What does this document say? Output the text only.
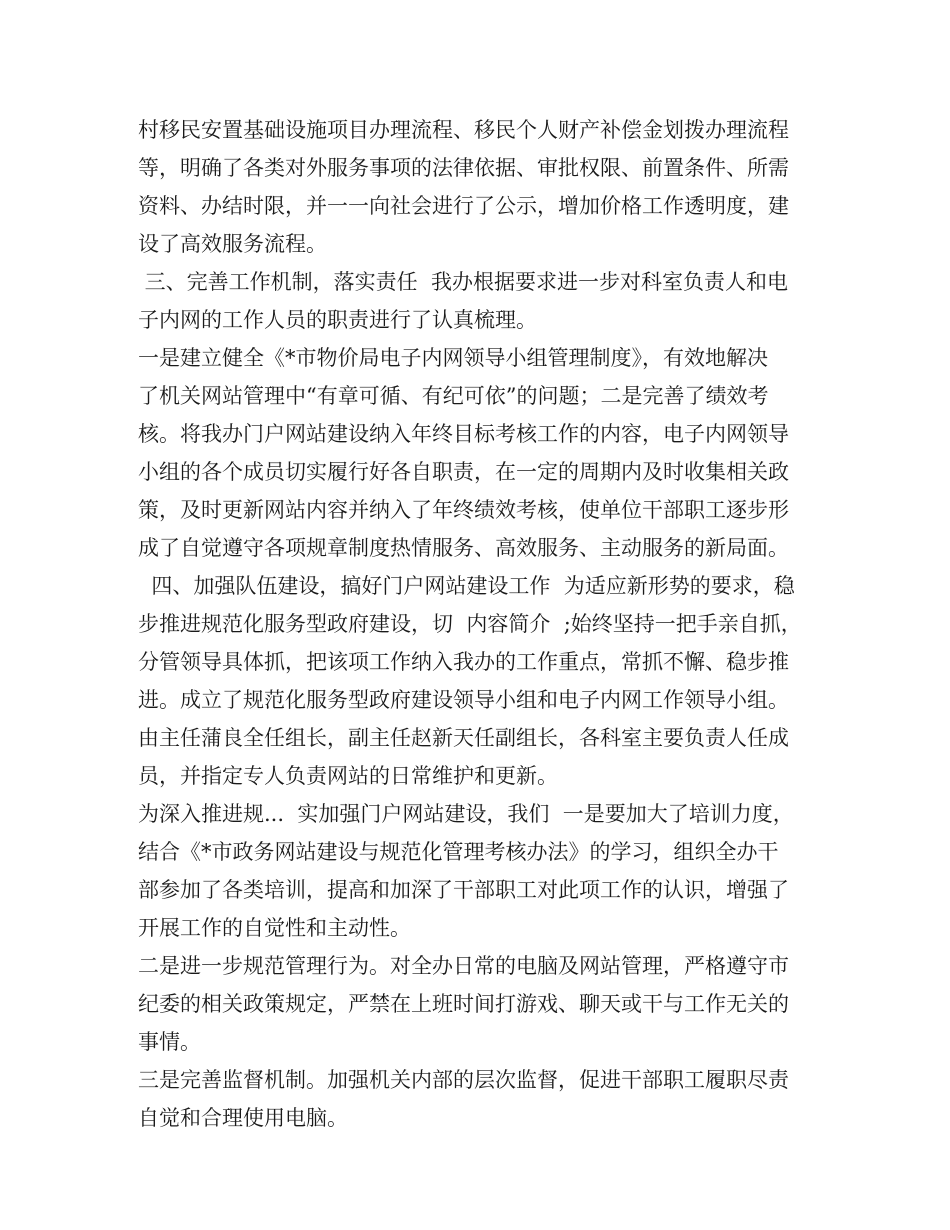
村移民安置基础设施项目办理流程、移民个人财产补偿金划拨办理流程
等，明确了各类对外服务事项的法律依据、审批权限、前置条件、所需
资料、办结时限，并一一向社会进行了公示，增加价格工作透明度，建
设了高效服务流程。
三、完善工作机制，落实责任  我办根据要求进一步对科室负责人和电
子内网的工作人员的职责进行了认真梳理。
一是建立健全《*市物价局电子内网领导小组管理制度》，有效地解决
了机关网站管理中“有章可循、有纪可依”的问题；二是完善了绩效考
核。将我办门户网站建设纳入年终目标考核工作的内容，电子内网领导
小组的各个成员切实履行好各自职责，在一定的周期内及时收集相关政
策，及时更新网站内容并纳入了年终绩效考核，使单位干部职工逐步形
成了自觉遵守各项规章制度热情服务、高效服务、主动服务的新局面。
四、加强队伍建设，搞好门户网站建设工作  为适应新形势的要求，稳
步推进规范化服务型政府建设，切  内容简介  ;始终坚持一把手亲自抓，
分管领导具体抓，把该项工作纳入我办的工作重点，常抓不懈、稳步推
进。成立了规范化服务型政府建设领导小组和电子内网工作领导小组。
由主任蒲良全任组长，副主任赵新天任副组长，各科室主要负责人任成
员，并指定专人负责网站的日常维护和更新。
为深入推进规...  实加强门户网站建设，我们  一是要加大了培训力度，
结合《*市政务网站建设与规范化管理考核办法》的学习，组织全办干
部参加了各类培训，提高和加深了干部职工对此项工作的认识，增强了
开展工作的自觉性和主动性。
二是进一步规范管理行为。对全办日常的电脑及网站管理，严格遵守市
纪委的相关政策规定，严禁在上班时间打游戏、聊天或干与工作无关的
事情。
三是完善监督机制。加强机关内部的层次监督，促进干部职工履职尽责
自觉和合理使用电脑。
